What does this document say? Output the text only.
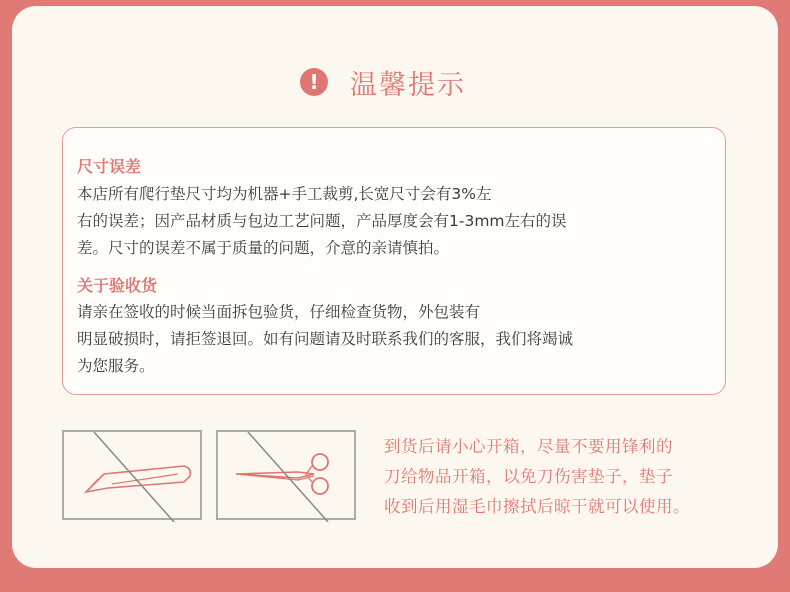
!	温馨提示
尺寸误差
本店所有爬行垫尺寸均为机器+手工裁剪,长宽尺寸会有3%左
右的误差；因产品材质与包边工艺问题，产品厚度会有1-3mm左右的误
差。尺寸的误差不属于质量的问题，介意的亲请慎拍。
关于验收货
请亲在签收的时候当面拆包验货，仔细检查货物，外包装有
明显破损时，请拒签退回。如有问题请及时联系我们的客服，我们将竭诚
为您服务。
到货后请小心开箱，尽量不要用锋利的
刀给物品开箱，以免刀伤害垫子，垫子
收到后用湿毛巾擦拭后晾干就可以使用。
